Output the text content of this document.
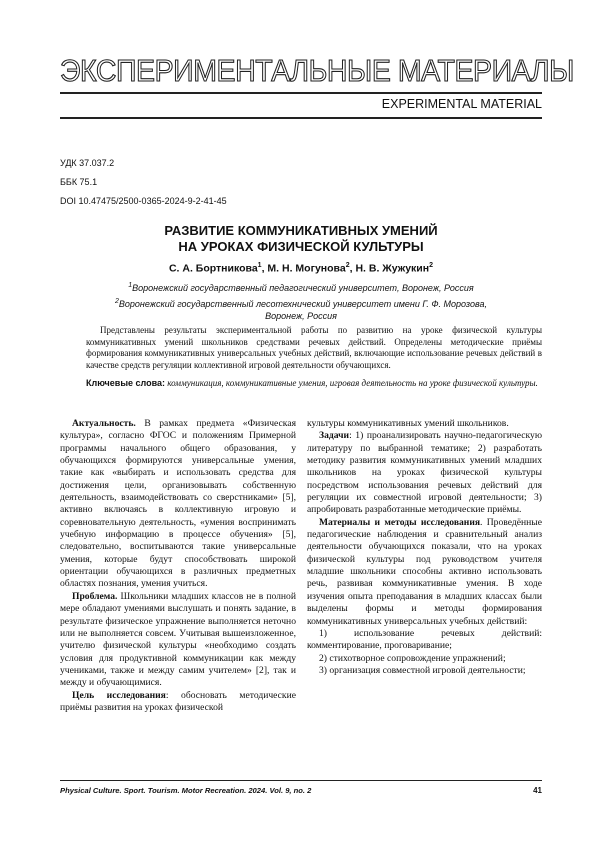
ЭКСПЕРИМЕНТАЛЬНЫЕ МАТЕРИАЛЫ
EXPERIMENTAL MATERIAL
УДК 37.037.2
ББК 75.1
DOI 10.47475/2500-0365-2024-9-2-41-45
РАЗВИТИЕ КОММУНИКАТИВНЫХ УМЕНИЙ
НА УРОКАХ ФИЗИЧЕСКОЙ КУЛЬТУРЫ
С. А. Бортникова$^1$, М. Н. Могунова$^2$, Н. В. Жужукин$^2$
$^1$Воронежский государственный педагогический университет, Воронеж, Россия
$^2$Воронежский государственный лесотехнический университет имени Г. Ф. Морозова,
Воронеж, Россия

Представлены результаты экспериментальной работы по развитию на уроке физической культуры коммуникативных умений школьников средствами речевых действий. Определены методические приёмы формирования коммуникативных универсальных учебных действий, включающие использование речевых действий в качестве средств регуляции коллективной игровой деятельности обучающихся.

Ключевые слова: коммуникация, коммуникативные умения, игровая деятельность на уроке физической культуры.

Актуальность. В рамках предмета «Физическая культура», согласно ФГОС и положениям Примерной программы начального общего образования, у обучающихся формируются универсальные умения, такие как «выбирать и использовать средства для достижения цели, организовывать собственную деятельность, взаимодействовать со сверстниками» [5], активно включаясь в коллективную игровую и соревновательную деятельность, «умения воспринимать учебную информацию в процессе обучения» [5], следовательно, воспитываются такие универсальные умения, которые будут способствовать широкой ориентации обучающихся в различных предметных областях познания, умения учиться.

Проблема. Школьники младших классов не в полной мере обладают умениями выслушать и понять задание, в результате физическое упражнение выполняется неточно или не выполняется совсем. Учитывая вышеизложенное, учителю физической культуры «необходимо создать условия для продуктивной коммуникации как между учениками, также и между самим учителем» [2], так и между и обучающимися.

Цель исследования: обосновать методические приёмы развития на уроках физической

культуры коммуникативных умений школьников.

Задачи: 1) проанализировать научно-педагогическую литературу по выбранной тематике; 2) разработать методику развития коммуникативных умений младших школьников на уроках физической культуры посредством использования речевых действий для регуляции их совместной игровой деятельности; 3) апробировать разработанные методические приёмы.

Материалы и методы исследования. Проведённые педагогические наблюдения и сравнительный анализ деятельности обучающихся показали, что на уроках физической культуры под руководством учителя младшие школьники способны активно использовать речь, развивая коммуникативные умения. В ходе изучения опыта преподавания в младших классах были выделены формы и методы формирования коммуникативных универсальных учебных действий:

1) использование речевых действий: комментирование, проговаривание;

2) стихотворное сопровождение упражнений;

3) организация совместной игровой деятельности;

Physical Culture. Sport. Tourism. Motor Recreation. 2024. Vol. 9, no. 2	41
